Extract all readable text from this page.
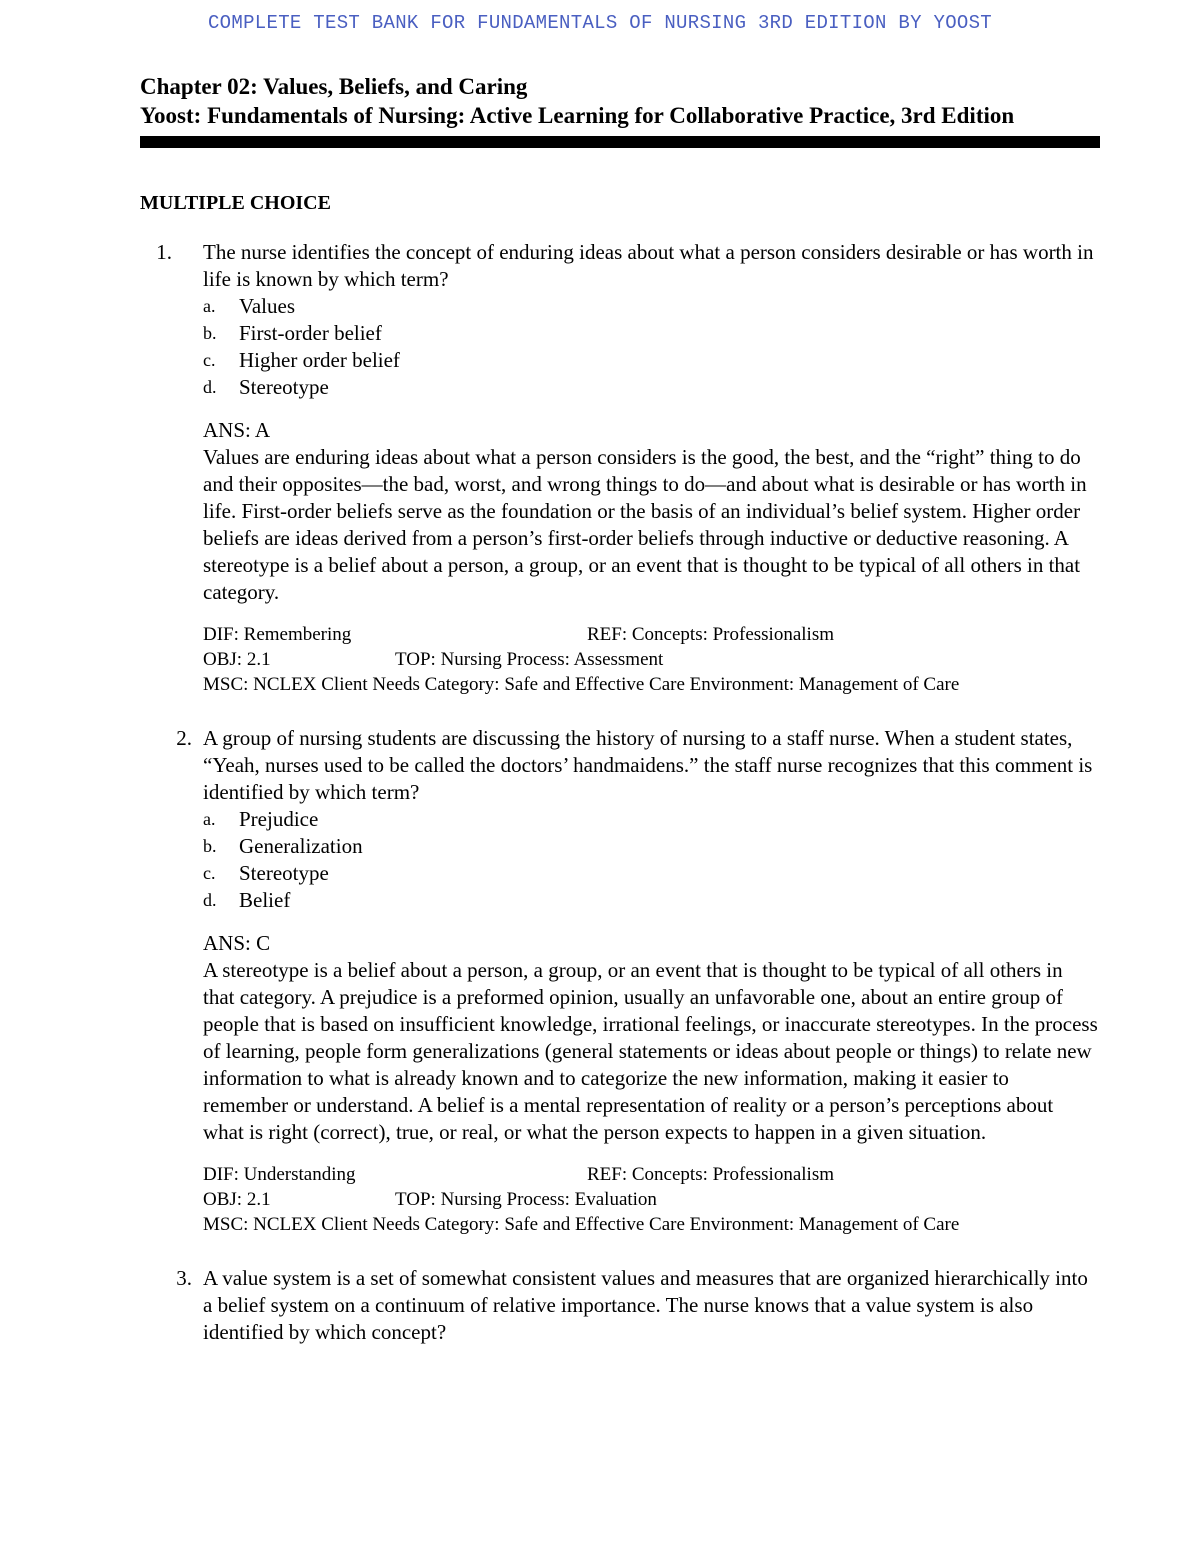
COMPLETE TEST BANK FOR FUNDAMENTALS OF NURSING 3RD EDITION BY YOOST
Chapter 02: Values, Beliefs, and Caring
Yoost: Fundamentals of Nursing: Active Learning for Collaborative Practice, 3rd Edition
MULTIPLE CHOICE
1. The nurse identifies the concept of enduring ideas about what a person considers desirable or has worth in life is known by which term?
a. Values
b. First-order belief
c. Higher order belief
d. Stereotype
ANS: A
Values are enduring ideas about what a person considers is the good, the best, and the “right” thing to do and their opposites—the bad, worst, and wrong things to do—and about what is desirable or has worth in life. First-order beliefs serve as the foundation or the basis of an individual’s belief system. Higher order beliefs are ideas derived from a person’s first-order beliefs through inductive or deductive reasoning. A stereotype is a belief about a person, a group, or an event that is thought to be typical of all others in that category.
DIF: Remembering	REF: Concepts: Professionalism
OBJ: 2.1	TOP: Nursing Process: Assessment
MSC: NCLEX Client Needs Category: Safe and Effective Care Environment: Management of Care
2. A group of nursing students are discussing the history of nursing to a staff nurse. When a student states, “Yeah, nurses used to be called the doctors’ handmaidens.” the staff nurse recognizes that this comment is identified by which term?
a. Prejudice
b. Generalization
c. Stereotype
d. Belief
ANS: C
A stereotype is a belief about a person, a group, or an event that is thought to be typical of all others in that category. A prejudice is a preformed opinion, usually an unfavorable one, about an entire group of people that is based on insufficient knowledge, irrational feelings, or inaccurate stereotypes. In the process of learning, people form generalizations (general statements or ideas about people or things) to relate new information to what is already known and to categorize the new information, making it easier to remember or understand. A belief is a mental representation of reality or a person’s perceptions about what is right (correct), true, or real, or what the person expects to happen in a given situation.
DIF: Understanding	REF: Concepts: Professionalism
OBJ: 2.1	TOP: Nursing Process: Evaluation
MSC: NCLEX Client Needs Category: Safe and Effective Care Environment: Management of Care
3. A value system is a set of somewhat consistent values and measures that are organized hierarchically into a belief system on a continuum of relative importance. The nurse knows that a value system is also identified by which concept?
